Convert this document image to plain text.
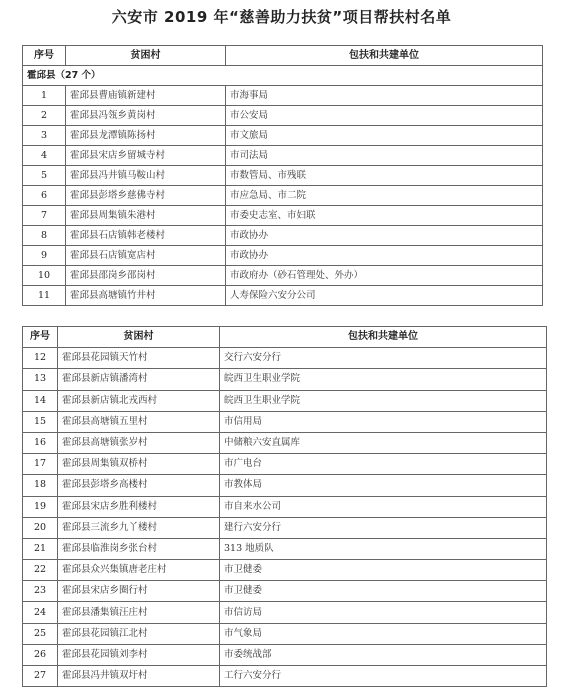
六安市 2019 年“慈善助力扶贫”项目帮扶村名单
序号	贫困村	包扶和共建单位
霍邱县（27 个）		
1	霍邱县曹庙镇新建村	市海事局
2	霍邱县冯瓴乡黄岗村	市公安局
3	霍邱县龙潭镇陈扬村	市文旅局
4	霍邱县宋店乡留城寺村	市司法局
5	霍邱县冯井镇马鞍山村	市数管局、市残联
6	霍邱县彭塔乡慈佛寺村	市应急局、市二院
7	霍邱县周集镇朱港村	市委史志室、市妇联
8	霍邱县石店镇韩老楼村	市政协办
9	霍邱县石店镇宽店村	市政协办
10	霍邱县邵岗乡邵岗村	市政府办（砂石管理处、外办）
11	霍邱县高塘镇竹井村	人寿保险六安分公司
序号	贫困村	包扶和共建单位
12	霍邱县花园镇天竹村	交行六安分行
13	霍邱县新店镇潘湾村	皖西卫生职业学院
14	霍邱县新店镇北戎西村	皖西卫生职业学院
15	霍邱县高塘镇五里村	市信用局
16	霍邱县高塘镇张岁村	中储粮六安直属库
17	霍邱县周集镇双桥村	市广电台
18	霍邱县彭塔乡高楼村	市教体局
19	霍邱县宋店乡胜利楼村	市自来水公司
20	霍邱县三流乡九丫楼村	建行六安分行
21	霍邱县临淮岗乡张台村	313 地质队
22	霍邱县众兴集镇唐老庄村	市卫健委
23	霍邱县宋店乡圈行村	市卫健委
24	霍邱县潘集镇汪庄村	市信访局
25	霍邱县花园镇江北村	市气象局
26	霍邱县花园镇刘李村	市委统战部
27	霍邱县冯井镇双圩村	工行六安分行
